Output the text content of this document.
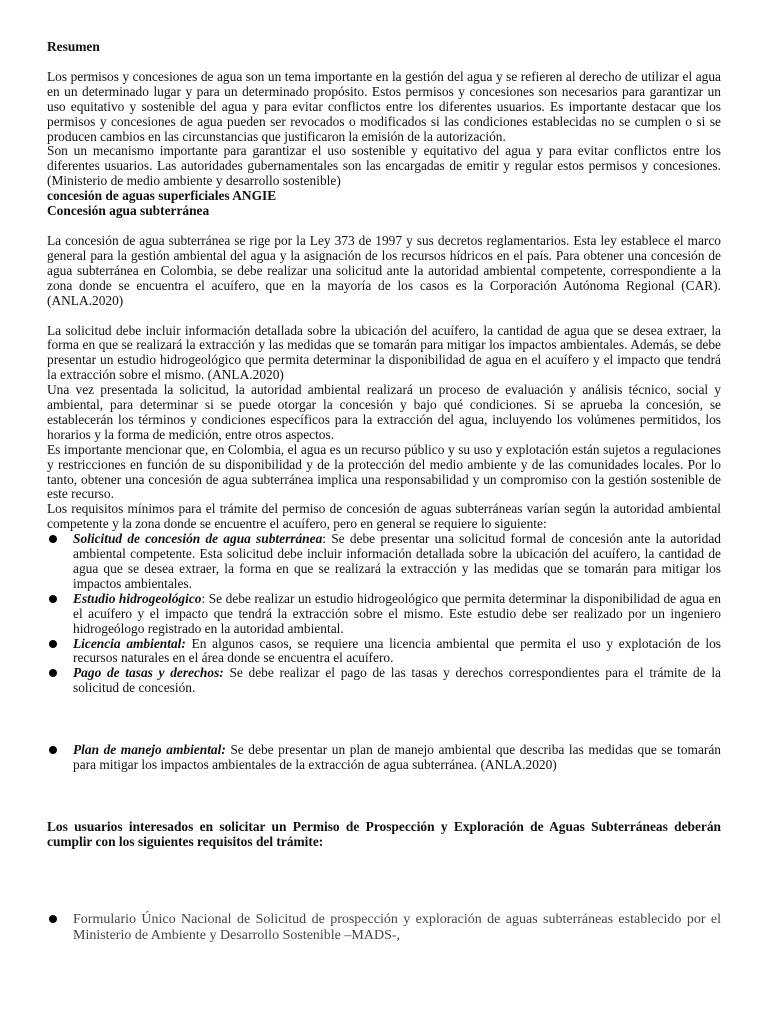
Resumen

Los permisos y concesiones de agua son un tema importante en la gestión del agua y se refieren al derecho de utilizar el agua en un determinado lugar y para un determinado propósito. Estos permisos y concesiones son necesarios para garantizar un uso equitativo y sostenible del agua y para evitar conflictos entre los diferentes usuarios. Es importante destacar que los permisos y concesiones de agua pueden ser revocados o modificados si las condiciones establecidas no se cumplen o si se producen cambios en las circunstancias que justificaron la emisión de la autorización.

Son un mecanismo importante para garantizar el uso sostenible y equitativo del agua y para evitar conflictos entre los diferentes usuarios. Las autoridades gubernamentales son las encargadas de emitir y regular estos permisos y concesiones. (Ministerio de medio ambiente y desarrollo sostenible)

concesión de aguas superficiales ANGIE

Concesión agua subterránea

La concesión de agua subterránea se rige por la Ley 373 de 1997 y sus decretos reglamentarios. Esta ley establece el marco general para la gestión ambiental del agua y la asignación de los recursos hídricos en el país. Para obtener una concesión de agua subterránea en Colombia, se debe realizar una solicitud ante la autoridad ambiental competente, correspondiente a la zona donde se encuentra el acuífero, que en la mayoría de los casos es la Corporación Autónoma Regional (CAR). (ANLA.2020)

La solicitud debe incluir información detallada sobre la ubicación del acuífero, la cantidad de agua que se desea extraer, la forma en que se realizará la extracción y las medidas que se tomarán para mitigar los impactos ambientales. Además, se debe presentar un estudio hidrogeológico que permita determinar la disponibilidad de agua en el acuífero y el impacto que tendrá la extracción sobre el mismo. (ANLA.2020)

Una vez presentada la solicitud, la autoridad ambiental realizará un proceso de evaluación y análisis técnico, social y ambiental, para determinar si se puede otorgar la concesión y bajo qué condiciones. Si se aprueba la concesión, se establecerán los términos y condiciones específicos para la extracción del agua, incluyendo los volúmenes permitidos, los horarios y la forma de medición, entre otros aspectos.

Es importante mencionar que, en Colombia, el agua es un recurso público y su uso y explotación están sujetos a regulaciones y restricciones en función de su disponibilidad y de la protección del medio ambiente y de las comunidades locales. Por lo tanto, obtener una concesión de agua subterránea implica una responsabilidad y un compromiso con la gestión sostenible de este recurso.

Los requisitos mínimos para el trámite del permiso de concesión de aguas subterráneas varían según la autoridad ambiental competente y la zona donde se encuentre el acuífero, pero en general se requiere lo siguiente:

Solicitud de concesión de agua subterránea: Se debe presentar una solicitud formal de concesión ante la autoridad ambiental competente. Esta solicitud debe incluir información detallada sobre la ubicación del acuífero, la cantidad de agua que se desea extraer, la forma en que se realizará la extracción y las medidas que se tomarán para mitigar los impactos ambientales.
Estudio hidrogeológico: Se debe realizar un estudio hidrogeológico que permita determinar la disponibilidad de agua en el acuífero y el impacto que tendrá la extracción sobre el mismo. Este estudio debe ser realizado por un ingeniero hidrogeólogo registrado en la autoridad ambiental.
Licencia ambiental: En algunos casos, se requiere una licencia ambiental que permita el uso y explotación de los recursos naturales en el área donde se encuentra el acuífero.
Pago de tasas y derechos: Se debe realizar el pago de las tasas y derechos correspondientes para el trámite de la solicitud de concesión.
Plan de manejo ambiental: Se debe presentar un plan de manejo ambiental que describa las medidas que se tomarán para mitigar los impactos ambientales de la extracción de agua subterránea. (ANLA.2020)

Los usuarios interesados en solicitar un Permiso de Prospección y Exploración de Aguas Subterráneas deberán cumplir con los siguientes requisitos del trámite:

Formulario Único Nacional de Solicitud de prospección y exploración de aguas subterráneas establecido por el Ministerio de Ambiente y Desarrollo Sostenible –MADS-,
